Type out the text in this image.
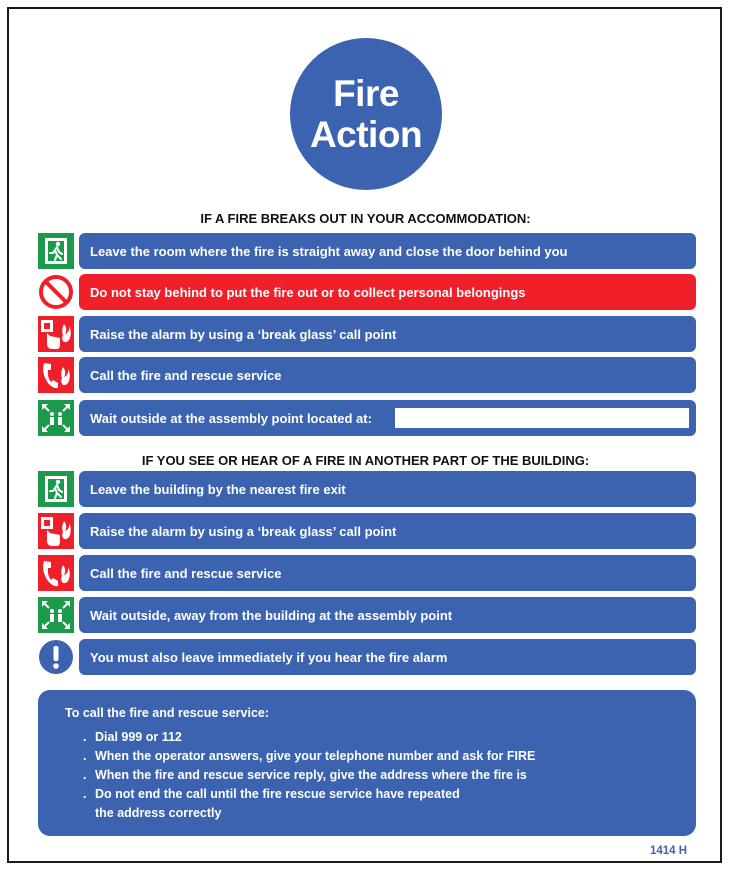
Fire
Action
IF A FIRE BREAKS OUT IN YOUR ACCOMMODATION:
Leave the room where the fire is straight away and close the door behind you
Do not stay behind to put the fire out or to collect personal belongings
Raise the alarm by using a ‘break glass’ call point
Call the fire and rescue service
Wait outside at the assembly point located at:
IF YOU SEE OR HEAR OF A FIRE IN ANOTHER PART OF THE BUILDING:
Leave the building by the nearest fire exit
Raise the alarm by using a ‘break glass’ call point
Call the fire and rescue service
Wait outside, away from the building at the assembly point
You must also leave immediately if you hear the fire alarm
To call the fire and rescue service:
. Dial 999 or 112
. When the operator answers, give your telephone number and ask for FIRE
. When the fire and rescue service reply, give the address where the fire is
. Do not end the call until the fire rescue service have repeated
the address correctly
1414 H
